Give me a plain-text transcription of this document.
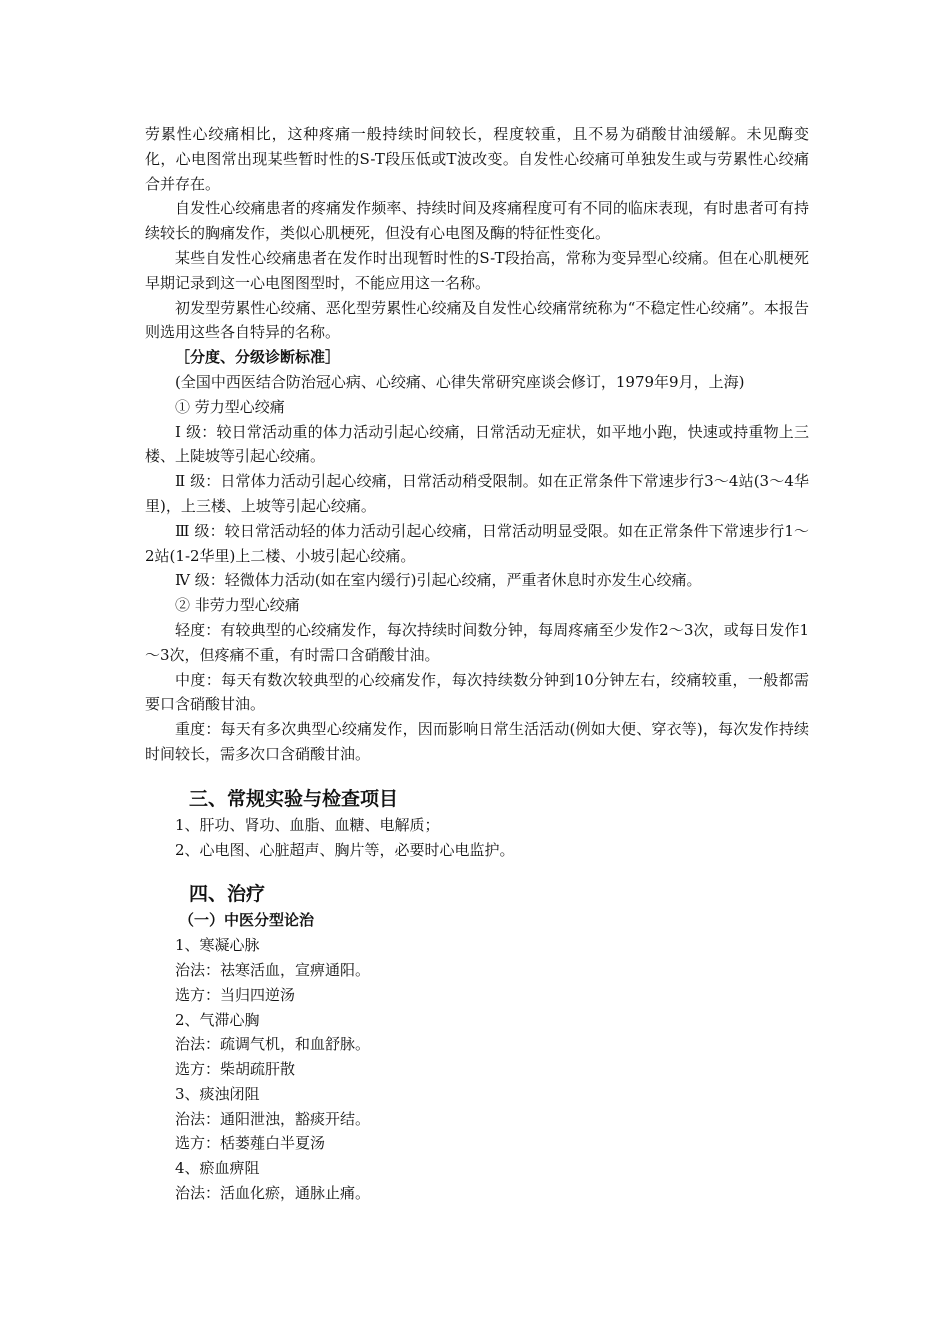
劳累性心绞痛相比，这种疼痛一般持续时间较长，程度较重，且不易为硝酸甘油缓解。未见酶变 化，心电图常出现某些暂时性的S-T段压低或T波改变。自发性心绞痛可单独发生或与劳累性心绞痛合并存在。

自发性心绞痛患者的疼痛发作频率、持续时间及疼痛程度可有不同的临床表现，有时患者可有持续较长的胸痛发作，类似心肌梗死，但没有心电图及酶的特征性变化。

某些自发性心绞痛患者在发作时出现暂时性的S-T段抬高，常称为变异型心绞痛。但在心肌梗死早期记录到这一心电图图型时，不能应用这一名称。

初发型劳累性心绞痛、恶化型劳累性心绞痛及自发性心绞痛常统称为“不稳定性心绞痛”。本报告则选用这些各自特异的名称。

［分度、分级诊断标准］

(全国中西医结合防治冠心病、心绞痛、心律失常研究座谈会修订，1979年9月，上海)

① 劳力型心绞痛

Ⅰ 级：较日常活动重的体力活动引起心绞痛，日常活动无症状，如平地小跑，快速或持重物上三楼、上陡坡等引起心绞痛。

Ⅱ 级：日常体力活动引起心绞痛，日常活动稍受限制。如在正常条件下常速步行3～4站(3～4华里)，上三楼、上坡等引起心绞痛。

Ⅲ 级：较日常活动轻的体力活动引起心绞痛，日常活动明显受限。如在正常条件下常速步行1～2站(1-2华里)上二楼、小坡引起心绞痛。

Ⅳ 级：轻微体力活动(如在室内缓行)引起心绞痛，严重者休息时亦发生心绞痛。

② 非劳力型心绞痛

轻度：有较典型的心绞痛发作，每次持续时间数分钟，每周疼痛至少发作2～3次，或每日发作1～3次，但疼痛不重，有时需口含硝酸甘油。

中度：每天有数次较典型的心绞痛发作，每次持续数分钟到10分钟左右，绞痛较重，一般都需要口含硝酸甘油。

重度：每天有多次典型心绞痛发作，因而影响日常生活活动(例如大便、穿衣等)，每次发作持续时间较长，需多次口含硝酸甘油。

三、常规实验与检查项目

1、肝功、肾功、血脂、血糖、电解质；

2、心电图、心脏超声、胸片等，必要时心电监护。

四、治疗

（一）中医分型论治

1、寒凝心脉

治法：祛寒活血，宣痹通阳。

选方：当归四逆汤

2、气滞心胸

治法：疏调气机，和血舒脉。

选方：柴胡疏肝散

3、痰浊闭阻

治法：通阳泄浊，豁痰开结。

选方：栝蒌薤白半夏汤

4、瘀血痹阻

治法：活血化瘀，通脉止痛。
